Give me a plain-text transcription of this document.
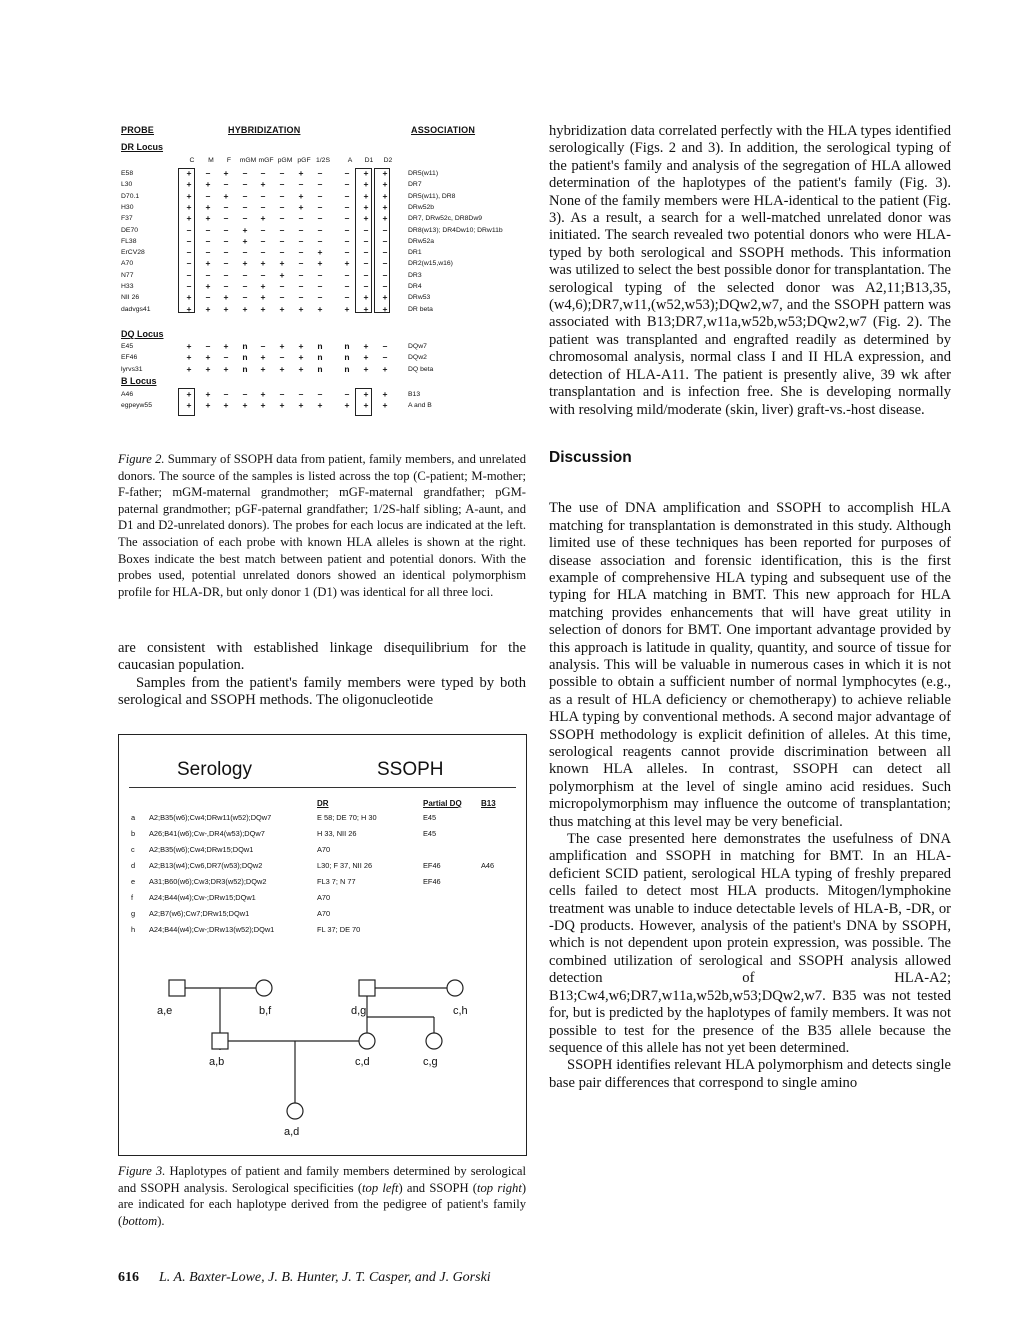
PROBE	HYBRIDIZATION	ASSOCIATION
DR Locus
C	M	F	mGM mGF pGM pGF 1/2S	A	D1	D2
E58	+	–	+	–	–	–	+	–	–	+	+	DR5(w11)
L30	+	+	–	–	+	–	–	–	–	+	+	DR7
D70.1	+	–	+	–	–	–	+	–	–	+	+	DR5(w11), DR8
H30	+	+	–	–	–	–	+	–	–	+	+	DRw52b
F37	+	+	–	–	+	–	–	–	–	+	+	DR7, DRw52c, DR8Dw9
DE70	–	–	–	+	–	–	–	–	–	–	–	DR8(w13); DR4Dw10; DRw11b
FL38	–	–	–	+	–	–	–	–	–	–	–	DRw52a
ErCV28	–	–	–	–	–	–	–	+	–	–	–	DR1
A70	–	+	–	+	+	+	–	+	+	–	–	DR2(w15,w16)
N77	–	–	–	–	–	+	–	–	–	–	–	DR3
H33	–	+	–	–	+	–	–	–	–	–	–	DR4
NII 26	+	–	+	–	+	–	–	–	–	+	+	DRw53
dadvgs41	+	+	+	+	+	+	+	+	+	+	+	DR beta
DQ Locus
E45	+	–	+	n	–	+	+	n	n	+	–	DQw7
EF46	+	+	–	n	+	–	+	n	n	+	–	DQw2
lyrvs31	+	+	+	n	+	+	+	n	n	+	+	DQ beta
B Locus
A46	+	+	–	–	+	–	–	–	–	+	+	B13
egpeyw55	+	+	+	+	+	+	+	+	+	+	+	A and B
Figure 2. Summary of SSOPH data from patient, family members, and unrelated donors. The source of the samples is listed across the top (C-patient; M-mother; F-father; mGM-maternal grandmother; mGF-maternal grandfather; pGM-paternal grandmother; pGF-paternal grandfather; 1/2S-half sibling; A-aunt, and D1 and D2-unrelated donors). The probes for each locus are indicated at the left. The association of each probe with known HLA alleles is shown at the right. Boxes indicate the best match between patient and potential donors. With the probes used, potential unrelated donors showed an identical polymorphism profile for HLA-DR, but only donor 1 (D1) was identical for all three loci.

are consistent with established linkage disequilibrium for the caucasian population.

Samples from the patient's family members were typed by both serological and SSOPH methods. The oligonucleotide

Serology	SSOPH
DR	Partial DQ B13
a A2;B35(w6);Cw4;DRw11(w52);DQw7	E 58; DE 70; H 30	E45
b A26;B41(w6);Cw-,DR4(w53);DQw7	H 33, NII 26	E45
c A2;B35(w6);Cw4;DRw15;DQw1	A70
d A2;B13(w4);Cw6,DR7(w53);DQw2	L30; F 37, NII 26	EF46	A46
e A31;B60(w6);Cw3;DR3(w52);DQw2	FL3 7; N 77	EF46
f A24;B44(w4);Cw-;DRw15;DQw1	A70
g A2;B7(w6);Cw7;DRw15;DQw1	A70
h A24;B44(w4);Cw-;DRw13(w52);DQw1	FL 37; DE 70
a,e	b,f	d,g	c,h
a,b	c,d	c,g
a,d
Figure 3. Haplotypes of patient and family members determined by serological and SSOPH analysis. Serological specificities (top left) and SSOPH (top right) are indicated for each haplotype derived from the pedigree of patient's family (bottom).
616 L. A. Baxter-Lowe, J. B. Hunter, J. T. Casper, and J. Gorski

hybridization data correlated perfectly with the HLA types identified serologically (Figs. 2 and 3). In addition, the serological typing of the patient's family and analysis of the segregation of HLA allowed determination of the haplotypes of the patient's family (Fig. 3). None of the family members were HLA-identical to the patient (Fig. 3). As a result, a search for a well-matched unrelated donor was initiated. The search revealed two potential donors who were HLA-typed by both serological and SSOPH methods. This information was utilized to select the best possible donor for transplantation. The serological typing of the selected donor was A2,11;B13,35, (w4,6);DR7,w11,(w52,w53);DQw2,w7, and the SSOPH pattern was associated with B13;DR7,w11a,w52b,w53;DQw2,w7 (Fig. 2). The patient was transplanted and engrafted readily as determined by chromosomal analysis, normal class I and II HLA expression, and detection of HLA-A11. The patient is presently alive, 39 wk after transplantation and is infection free. She is developing normally with resolving mild/moderate (skin, liver) graft-vs.-host disease.

Discussion

The use of DNA amplification and SSOPH to accomplish HLA matching for transplantation is demonstrated in this study. Although limited use of these techniques has been reported for purposes of disease association and forensic identification, this is the first example of comprehensive HLA typing and subsequent use of the typing for HLA matching in BMT. This new approach for HLA matching provides enhancements that will have great utility in selection of donors for BMT. One important advantage provided by this approach is latitude in quality, quantity, and source of tissue for analysis. This will be valuable in numerous cases in which it is not possible to obtain a sufficient number of normal lymphocytes (e.g., as a result of HLA deficiency or chemotherapy) to achieve reliable HLA typing by conventional methods. A second major advantage of SSOPH methodology is explicit definition of alleles. At this time, serological reagents cannot provide discrimination between all known HLA alleles. In contrast, SSOPH can detect all polymorphism at the level of single amino acid residues. Such micropolymorphism may influence the outcome of transplantation; thus matching at this level may be very beneficial.

The case presented here demonstrates the usefulness of DNA amplification and SSOPH in matching for BMT. In an HLA-deficient SCID patient, serological HLA typing of freshly prepared cells failed to detect most HLA products. Mitogen/lymphokine treatment was unable to induce detectable levels of HLA-B, -DR, or -DQ products. However, analysis of the patient's DNA by SSOPH, which is not dependent upon protein expression, was possible. The combined utilization of serological and SSOPH analysis allowed detection of HLA-A2; B13;Cw4,w6;DR7,w11a,w52b,w53;DQw2,w7. B35 was not tested for, but is predicted by the haplotypes of family members. It was not possible to test for the presence of the B35 allele because the sequence of this allele has not yet been determined.

SSOPH identifies relevant HLA polymorphism and detects single base pair differences that correspond to single amino
